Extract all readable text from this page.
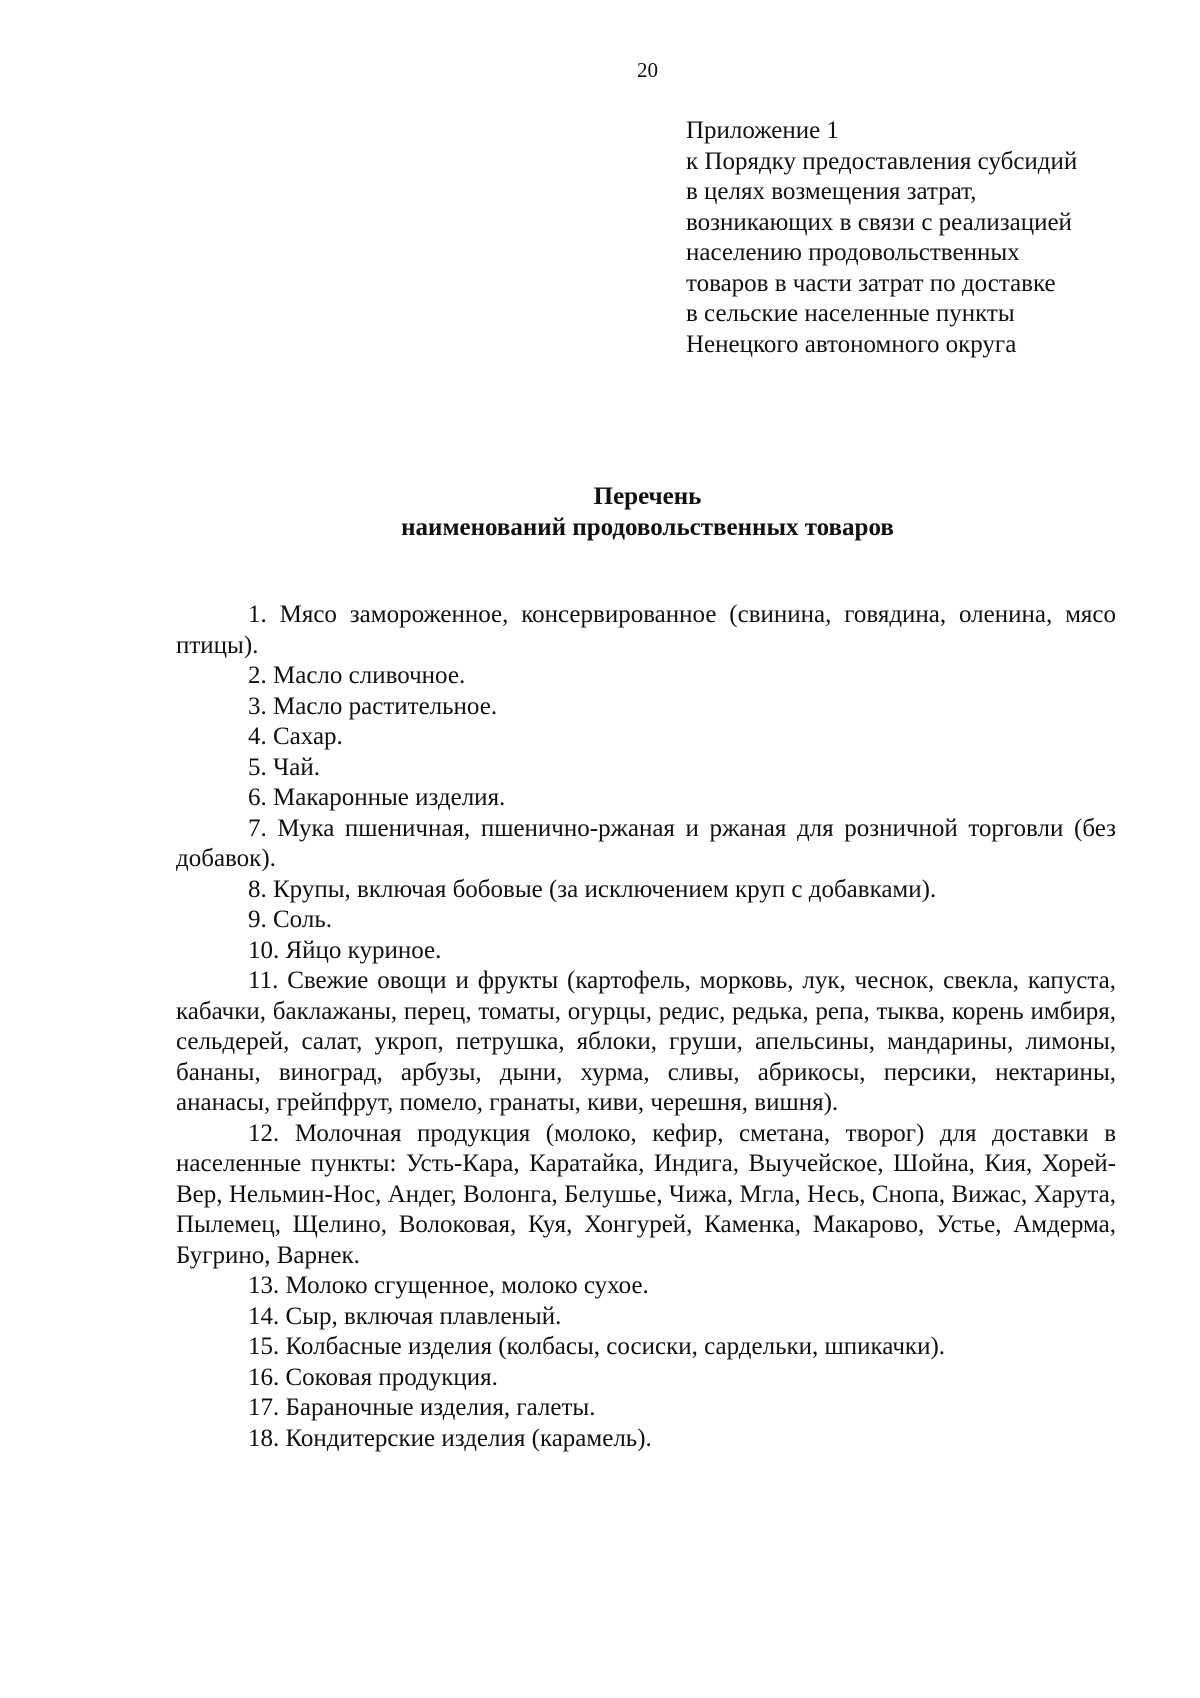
20
Приложение 1
к Порядку предоставления субсидий
в целях возмещения затрат,
возникающих в связи с реализацией
населению продовольственных
товаров в части затрат по доставке
в сельские населенные пункты
Ненецкого автономного округа
Перечень
наименований продовольственных товаров
1. Мясо замороженное, консервированное (свинина, говядина, оленина, мясо птицы).
2. Масло сливочное.
3. Масло растительное.
4. Сахар.
5. Чай.
6. Макаронные изделия.
7. Мука пшеничная, пшенично-ржаная и ржаная для розничной торговли (без добавок).
8. Крупы, включая бобовые (за исключением круп с добавками).
9. Соль.
10. Яйцо куриное.
11. Свежие овощи и фрукты (картофель, морковь, лук, чеснок, свекла, капуста, кабачки, баклажаны, перец, томаты, огурцы, редис, редька, репа, тыква, корень имбиря, сельдерей, салат, укроп, петрушка, яблоки, груши, апельсины, мандарины, лимоны, бананы, виноград, арбузы, дыни, хурма, сливы, абрикосы, персики, нектарины, ананасы, грейпфрут, помело, гранаты, киви, черешня, вишня).
12. Молочная продукция (молоко, кефир, сметана, творог) для доставки в населенные пункты: Усть-Кара, Каратайка, Индига, Выучейское, Шойна, Кия, Хорей-Вер, Нельмин-Нос, Андег, Волонга, Белушье, Чижа, Мгла, Несь, Снопа, Вижас, Харута, Пылемец, Щелино, Волоковая, Куя, Хонгурей, Каменка, Макарово, Устье, Амдерма, Бугрино, Варнек.
13. Молоко сгущенное, молоко сухое.
14. Сыр, включая плавленый.
15. Колбасные изделия (колбасы, сосиски, сардельки, шпикачки).
16. Соковая продукция.
17. Бараночные изделия, галеты.
18. Кондитерские изделия (карамель).
